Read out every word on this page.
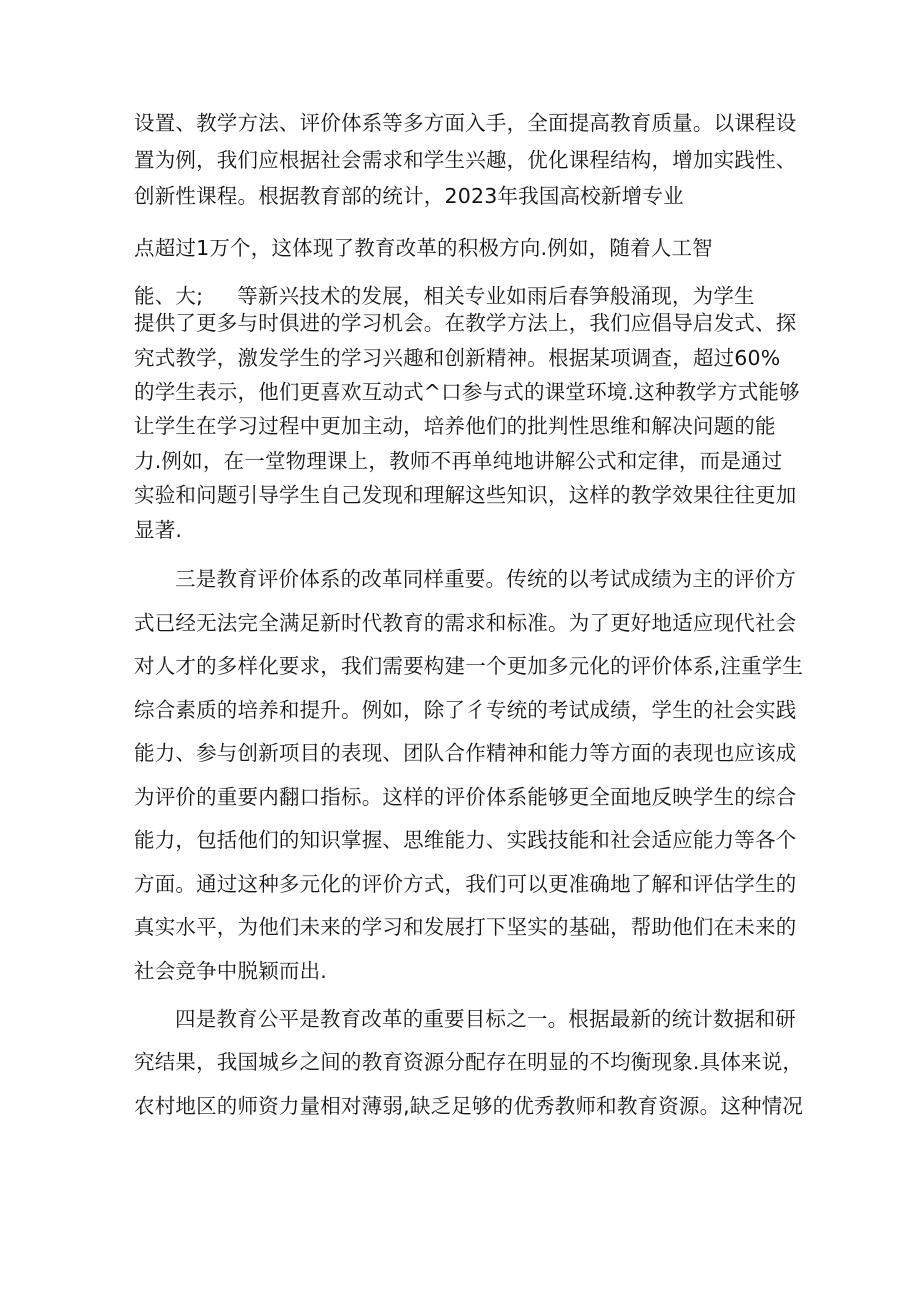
设置、教学方法、评价体系等多方面入手，全面提高教育质量。以课程设
置为例，我们应根据社会需求和学生兴趣，优化课程结构，增加实践性、
创新性课程。根据教育部的统计，2023年我国高校新增专业
点超过1万个，这体现了教育改革的积极方向.例如，随着人工智
能、大; 等新兴技术的发展，相关专业如雨后春笋般涌现，为学生
提供了更多与时俱进的学习机会。在教学方法上，我们应倡导启发式、探
究式教学，激发学生的学习兴趣和创新精神。根据某项调查，超过60%
的学生表示，他们更喜欢互动式^口参与式的课堂环境.这种教学方式能够
让学生在学习过程中更加主动，培养他们的批判性思维和解决问题的能
力.例如，在一堂物理课上，教师不再单纯地讲解公式和定律，而是通过
实验和问题引导学生自己发现和理解这些知识，这样的教学效果往往更加
显著.
三是教育评价体系的改革同样重要。传统的以考试成绩为主的评价方
式已经无法完全满足新时代教育的需求和标准。为了更好地适应现代社会
对人才的多样化要求，我们需要构建一个更加多元化的评价体系,注重学生
综合素质的培养和提升。例如，除了彳专统的考试成绩，学生的社会实践
能力、参与创新项目的表现、团队合作精神和能力等方面的表现也应该成
为评价的重要内翻口指标。这样的评价体系能够更全面地反映学生的综合
能力，包括他们的知识掌握、思维能力、实践技能和社会适应能力等各个
方面。通过这种多元化的评价方式，我们可以更准确地了解和评估学生的
真实水平，为他们未来的学习和发展打下坚实的基础，帮助他们在未来的
社会竞争中脱颖而出.
四是教育公平是教育改革的重要目标之一。根据最新的统计数据和研
究结果，我国城乡之间的教育资源分配存在明显的不均衡现象.具体来说，
农村地区的师资力量相对薄弱,缺乏足够的优秀教师和教育资源。这种情况
